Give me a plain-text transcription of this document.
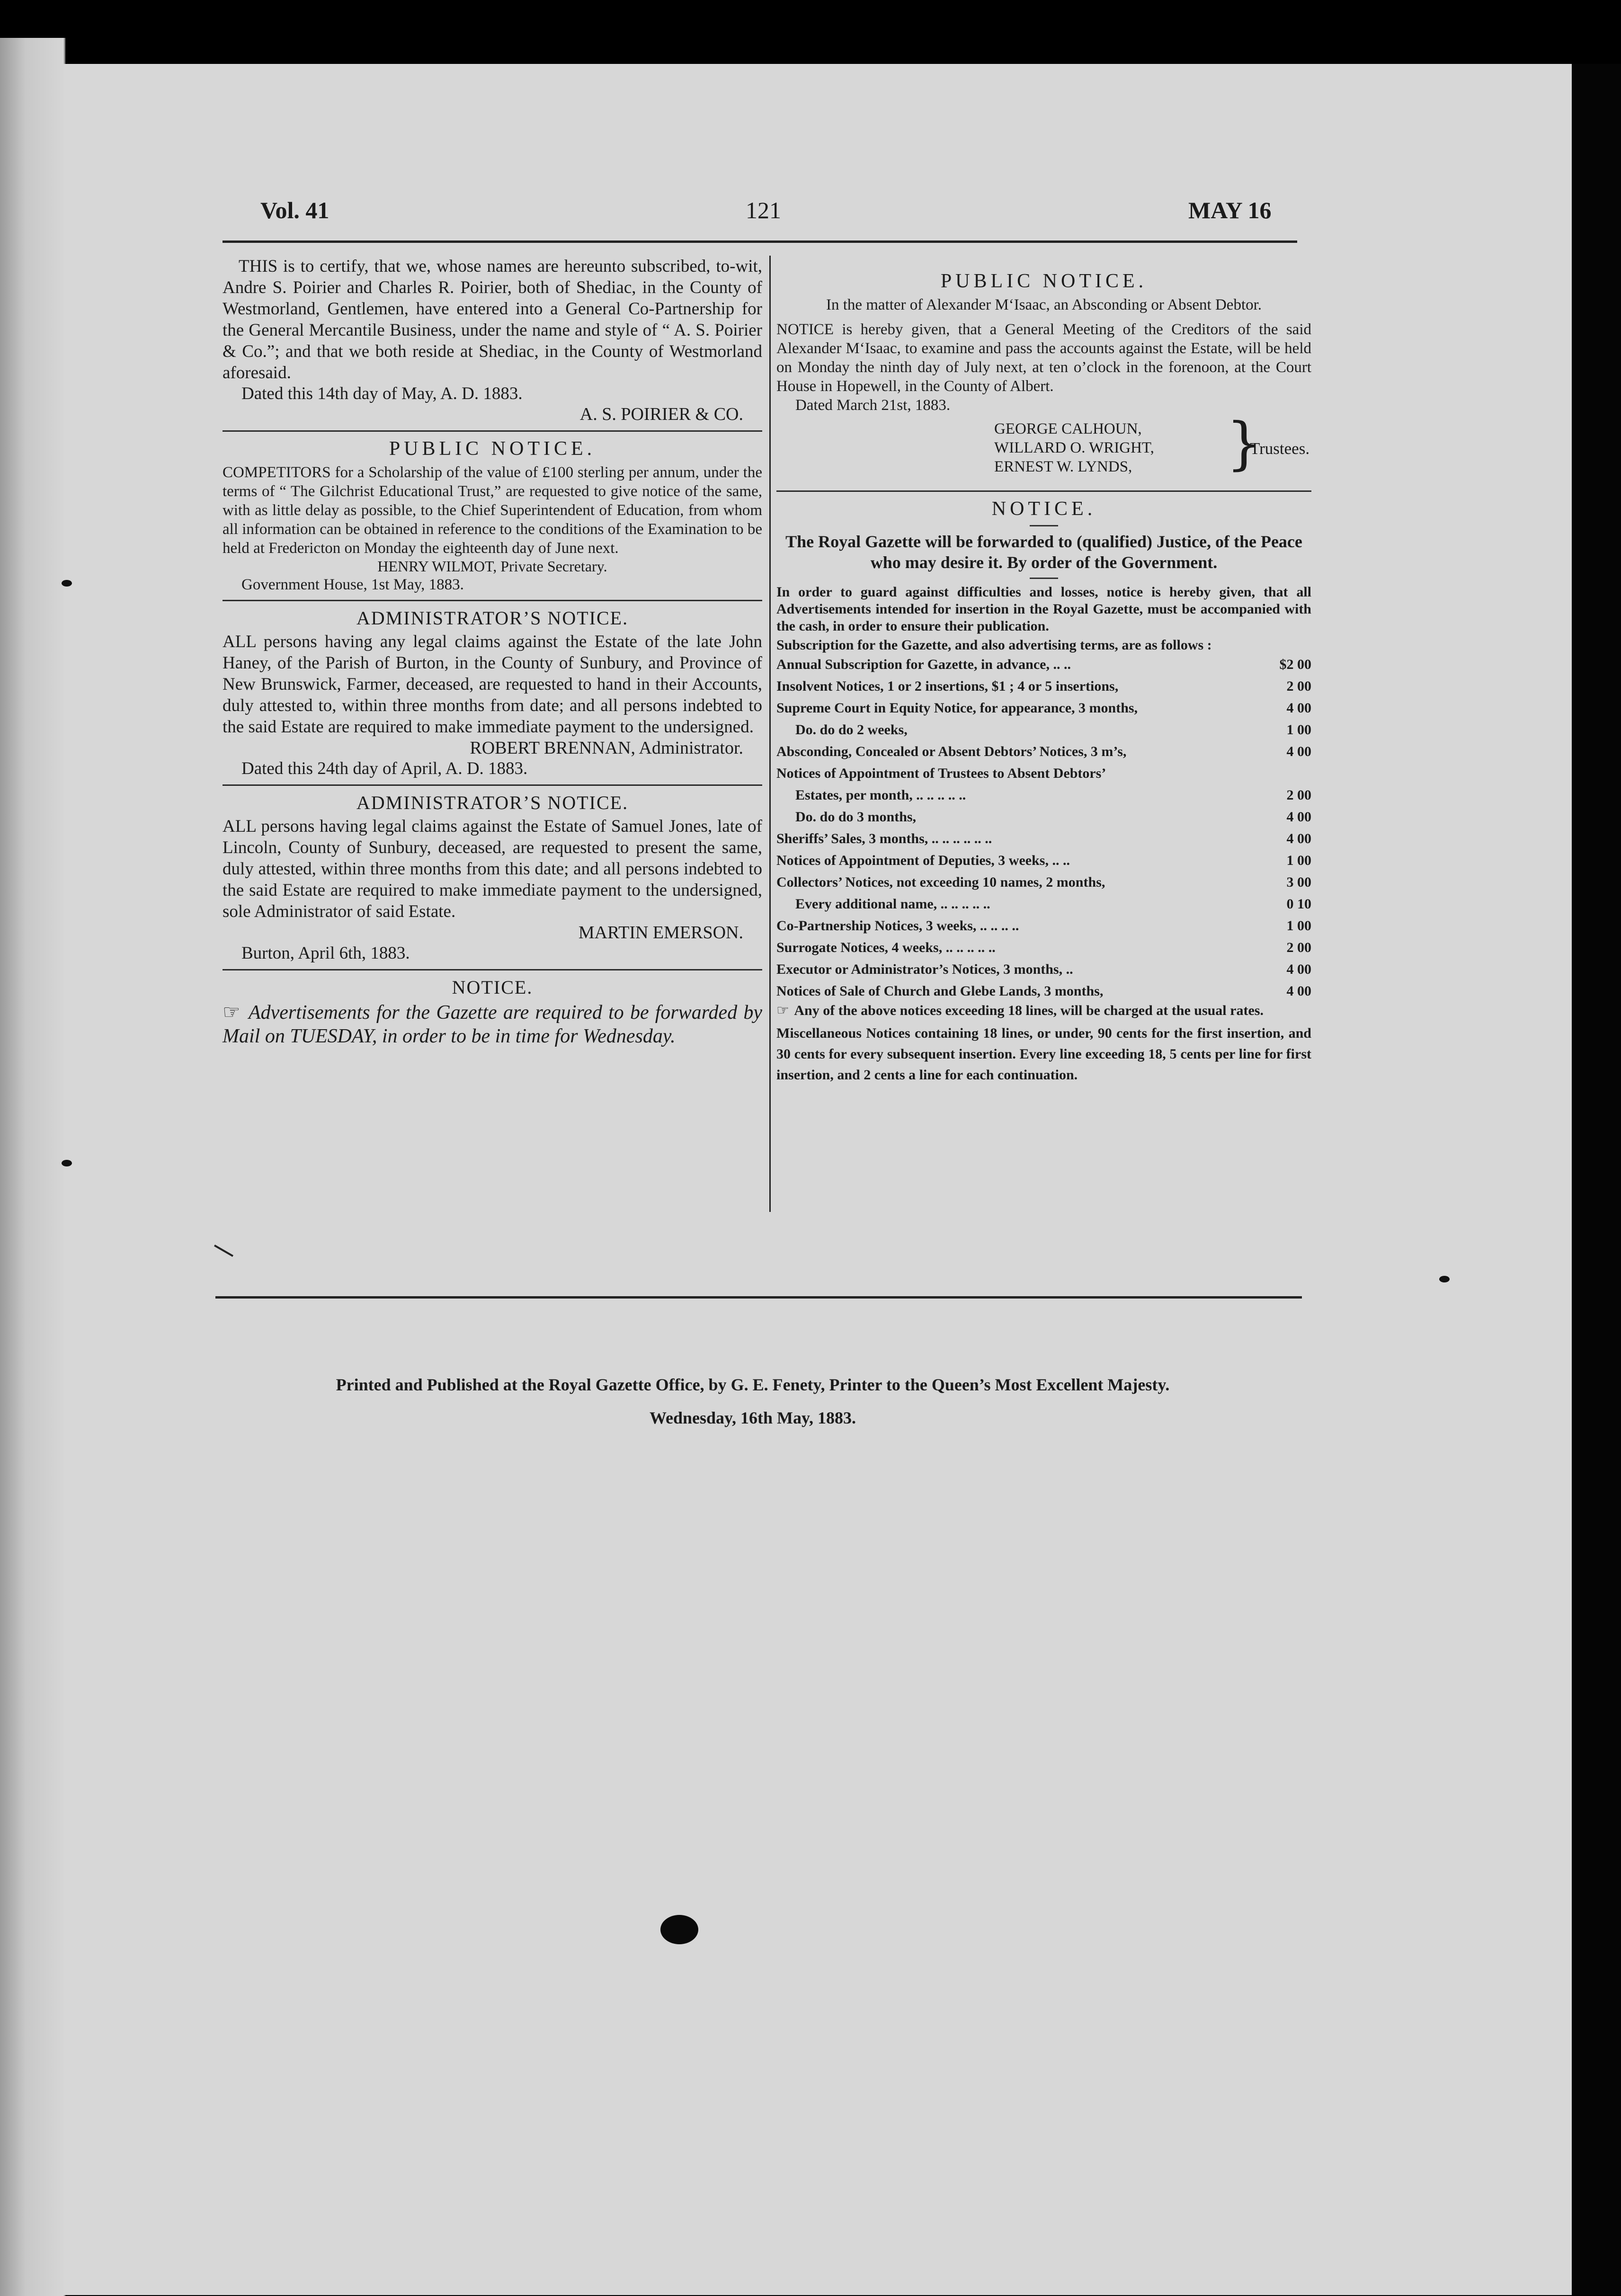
Vol. 41	121	MAY 16

THIS is to certify, that we, whose names are hereunto subscribed, to-wit, Andre S. Poirier and Charles R. Poirier, both of Shediac, in the County of Westmorland, Gentlemen, have entered into a General Co-Partnership for the General Mercantile Business, under the name and style of “ A. S. Poirier & Co.”; and that we both reside at Shediac, in the County of Westmorland aforesaid.

Dated this 14th day of May, A. D. 1883.

A. S. POIRIER & CO.

PUBLIC NOTICE.

COMPETITORS for a Scholarship of the value of £100 sterling per annum, under the terms of “ The Gilchrist Educational Trust,” are requested to give notice of the same, with as little delay as possible, to the Chief Superintendent of Education, from whom all information can be obtained in reference to the conditions of the Examination to be held at Fredericton on Monday the eighteenth day of June next.

HENRY WILMOT, Private Secretary.

Government House, 1st May, 1883.

ADMINISTRATOR’S NOTICE.

ALL persons having any legal claims against the Estate of the late John Haney, of the Parish of Burton, in the County of Sunbury, and Province of New Brunswick, Farmer, deceased, are requested to hand in their Accounts, duly attested to, within three months from date; and all persons indebted to the said Estate are required to make immediate payment to the undersigned.

ROBERT BRENNAN, Administrator.

Dated this 24th day of April, A. D. 1883.

ADMINISTRATOR’S NOTICE.

ALL persons having legal claims against the Estate of Samuel Jones, late of Lincoln, County of Sunbury, deceased, are requested to present the same, duly attested, within three months from this date; and all persons indebted to the said Estate are required to make immediate payment to the undersigned, sole Administrator of said Estate.

MARTIN EMERSON.

Burton, April 6th, 1883.

NOTICE.

☞ Advertisements for the Gazette are required to be forwarded by Mail on TUESDAY, in order to be in time for Wednesday.

PUBLIC NOTICE.

In the matter of Alexander M‘Isaac, an Absconding or Absent Debtor.

NOTICE is hereby given, that a General Meeting of the Creditors of the said Alexander M‘Isaac, to examine and pass the accounts against the Estate, will be held on Monday the ninth day of July next, at ten o’clock in the forenoon, at the Court House in Hopewell, in the County of Albert.

Dated March 21st, 1883.

GEORGE CALHOUN,
WILLARD O. WRIGHT,
ERNEST W. LYNDS,	}
Trustees.
NOTICE.

The Royal Gazette will be forwarded to (qualified) Justice, of the Peace who may desire it. By order of the Government.

In order to guard against difficulties and losses, notice is hereby given, that all Advertisements intended for insertion in the Royal Gazette, must be accompanied with the cash, in order to ensure their publication.

Subscription for the Gazette, and also advertising terms, are as follows :

Annual Subscription for Gazette, in advance, .. ..	$2 00
Insolvent Notices, 1 or 2 insertions, $1 ; 4 or 5 insertions,	2 00
Supreme Court in Equity Notice, for appearance, 3 months,	4 00
Do. do do 2 weeks,	1 00
Absconding, Concealed or Absent Debtors’ Notices, 3 m’s,	4 00
Notices of Appointment of Trustees to Absent Debtors’
Estates, per month, .. .. .. .. ..	2 00
Do. do do 3 months,	4 00
Sheriffs’ Sales, 3 months, .. .. .. .. .. ..	4 00
Notices of Appointment of Deputies, 3 weeks, .. ..	1 00
Collectors’ Notices, not exceeding 10 names, 2 months,	3 00
Every additional name, .. .. .. .. ..	0 10
Co-Partnership Notices, 3 weeks, .. .. .. ..	1 00
Surrogate Notices, 4 weeks, .. .. .. .. ..	2 00
Executor or Administrator’s Notices, 3 months, ..	4 00
Notices of Sale of Church and Glebe Lands, 3 months,	4 00

☞ Any of the above notices exceeding 18 lines, will be charged at the usual rates.

Miscellaneous Notices containing 18 lines, or under, 90 cents for the first insertion, and 30 cents for every subsequent insertion. Every line exceeding 18, 5 cents per line for first insertion, and 2 cents a line for each continuation.

Printed and Published at the Royal Gazette Office, by G. E. Fenety, Printer to the Queen’s Most Excellent Majesty.
Wednesday, 16th May, 1883.
